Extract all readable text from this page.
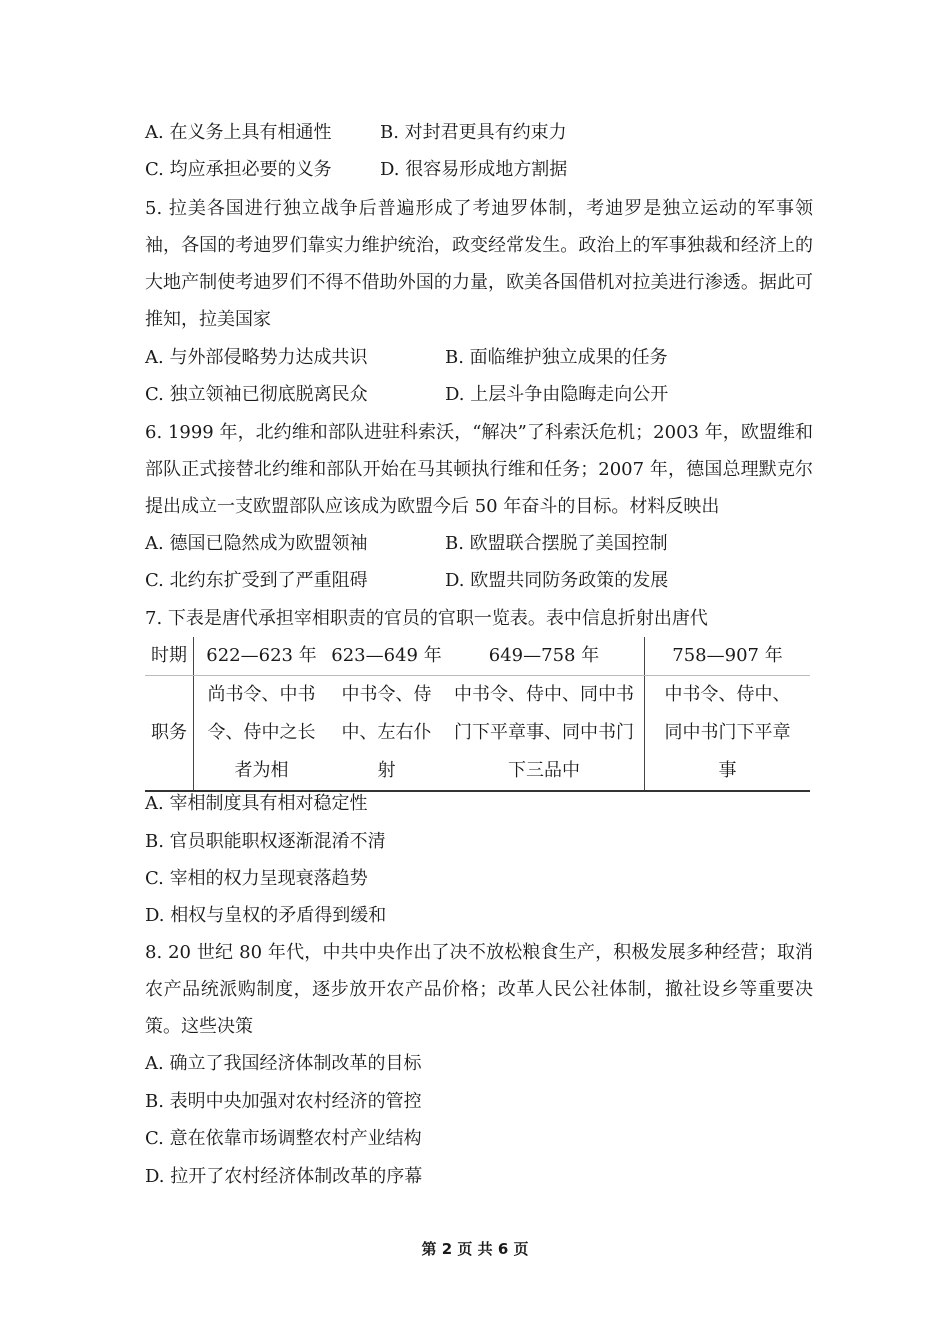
A. 在义务上具有相通性	B. 对封君更具有约束力
C. 均应承担必要的义务	D. 很容易形成地方割据
5. 拉美各国进行独立战争后普遍形成了考迪罗体制，考迪罗是独立运动的军事领袖，各国的考迪罗们靠实力维护统治，政变经常发生。政治上的军事独裁和经济上的大地产制使考迪罗们不得不借助外国的力量，欧美各国借机对拉美进行渗透。据此可推知，拉美国家
A. 与外部侵略势力达成共识	B. 面临维护独立成果的任务
C. 独立领袖已彻底脱离民众	D. 上层斗争由隐晦走向公开
6. 1999 年，北约维和部队进驻科索沃，“解决”了科索沃危机；2003 年，欧盟维和部队正式接替北约维和部队开始在马其顿执行维和任务；2007 年，德国总理默克尔提出成立一支欧盟部队应该成为欧盟今后 50 年奋斗的目标。材料反映出
A. 德国已隐然成为欧盟领袖	B. 欧盟联合摆脱了美国控制
C. 北约东扩受到了严重阻碍	D. 欧盟共同防务政策的发展
7. 下表是唐代承担宰相职责的官员的官职一览表。表中信息折射出唐代
时期	622—623 年	623—649 年	649—758 年	758—907 年
职务	尚书令、中书令、侍中之长者为相	中书令、侍中、左右仆射	中书令、侍中、同中书门下平章事、同中书门下三品中	中书令、侍中、同中书门下平章事
A. 宰相制度具有相对稳定性
B. 官员职能职权逐渐混淆不清
C. 宰相的权力呈现衰落趋势
D. 相权与皇权的矛盾得到缓和
8. 20 世纪 80 年代，中共中央作出了决不放松粮食生产，积极发展多种经营；取消农产品统派购制度，逐步放开农产品价格；改革人民公社体制，撤社设乡等重要决策。这些决策
A. 确立了我国经济体制改革的目标
B. 表明中央加强对农村经济的管控
C. 意在依靠市场调整农村产业结构
D. 拉开了农村经济体制改革的序幕
第 2 页 共 6 页
